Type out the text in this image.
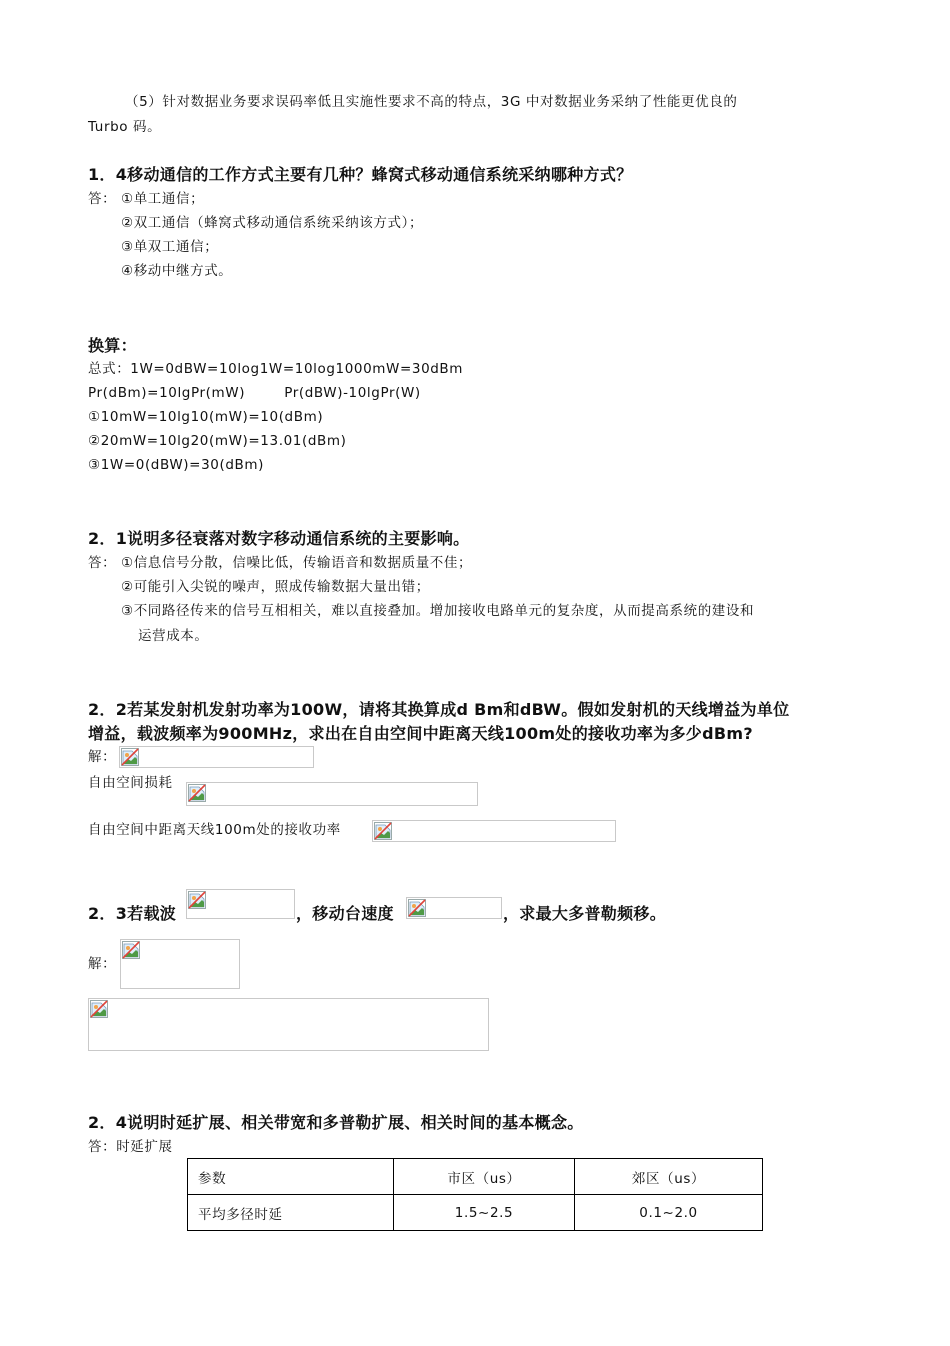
（5）针对数据业务要求误码率低且实施性要求不高的特点，3G 中对数据业务采纳了性能更优良的
Turbo 码。
1．4移动通信的工作方式主要有几种？蜂窝式移动通信系统采纳哪种方式？
答： ①单工通信；
②双工通信（蜂窝式移动通信系统采纳该方式）；
③单双工通信；
④移动中继方式。
换算：
总式：1W=0dBW=10log1W=10log1000mW=30dBm
Pr(dBm)=10lgPr(mW)        Pr(dBW)-10lgPr(W)
①10mW=10lg10(mW)=10(dBm)
②20mW=10lg20(mW)=13.01(dBm)
③1W=0(dBW)=30(dBm)
2．1说明多径衰落对数字移动通信系统的主要影响。
答： ①信息信号分散，信噪比低，传输语音和数据质量不佳；
②可能引入尖锐的噪声，照成传输数据大量出错；
③不同路径传来的信号互相相关，难以直接叠加。增加接收电路单元的复杂度，从而提高系统的建设和
运营成本。
2．2若某发射机发射功率为100W，请将其换算成d Bm和dBW。假如发射机的天线增益为单位
增益，载波频率为900MHz，求出在自由空间中距离天线100m处的接收功率为多少dBm?
解：
自由空间损耗
自由空间中距离天线100m处的接收功率
2．3若载波	，移动台速度	，求最大多普勒频移。
解：
2．4说明时延扩展、相关带宽和多普勒扩展、相关时间的基本概念。
答：时延扩展
参数	市区（us）	郊区（us）
平均多径时延	1.5~2.5	0.1~2.0
